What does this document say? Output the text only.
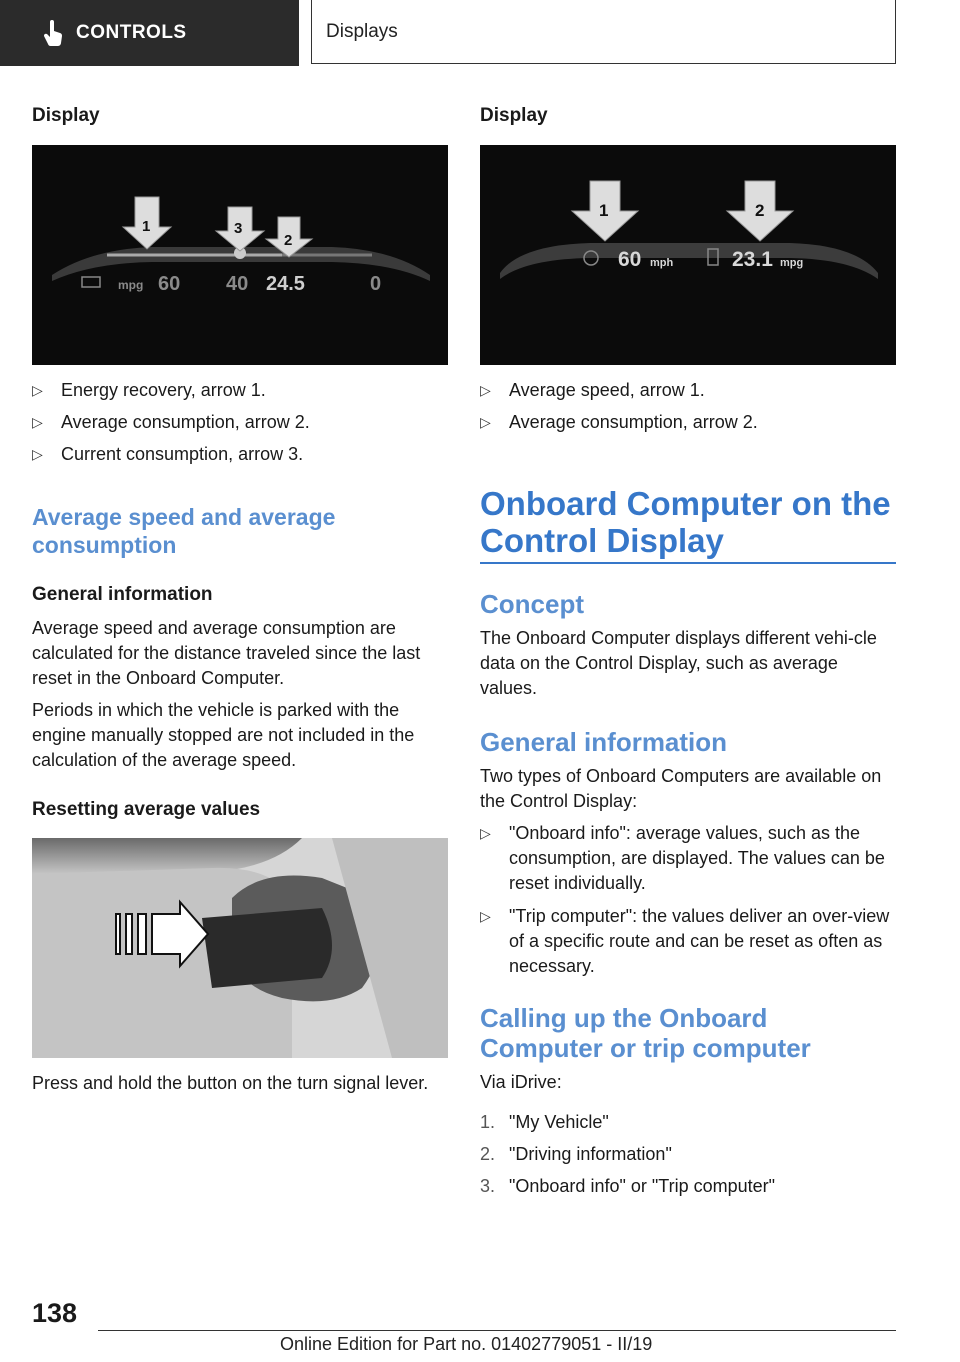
CONTROLS	Displays
Display
1	3
2
mpg 60 40 24.5	0
▷ Energy recovery, arrow 1.
▷ Average consumption, arrow 2.
▷ Current consumption, arrow 3.
Average speed and average consumption
General information
Average speed and average consumption are calculated for the distance traveled since the last reset in the Onboard Computer.
Periods in which the vehicle is parked with the engine manually stopped are not included in the calculation of the average speed.
Resetting average values
Press and hold the button on the turn signal lever.
Display
1	2
60 mph	23.1 mpg
▷ Average speed, arrow 1.
▷ Average consumption, arrow 2.
Onboard Computer on the Control Display
Concept
The Onboard Computer displays different vehi‐cle data on the Control Display, such as average values.
General information
Two types of Onboard Computers are available on the Control Display:
▷ "Onboard info": average values, such as the consumption, are displayed. The values can be reset individually.
▷ "Trip computer": the values deliver an over‐view of a specific route and can be reset as often as necessary.
Calling up the Onboard Computer or trip computer
Via iDrive:
1. "My Vehicle"
2. "Driving information"
3. "Onboard info" or "Trip computer"
138
Online Edition for Part no. 01402779051 - II/19
